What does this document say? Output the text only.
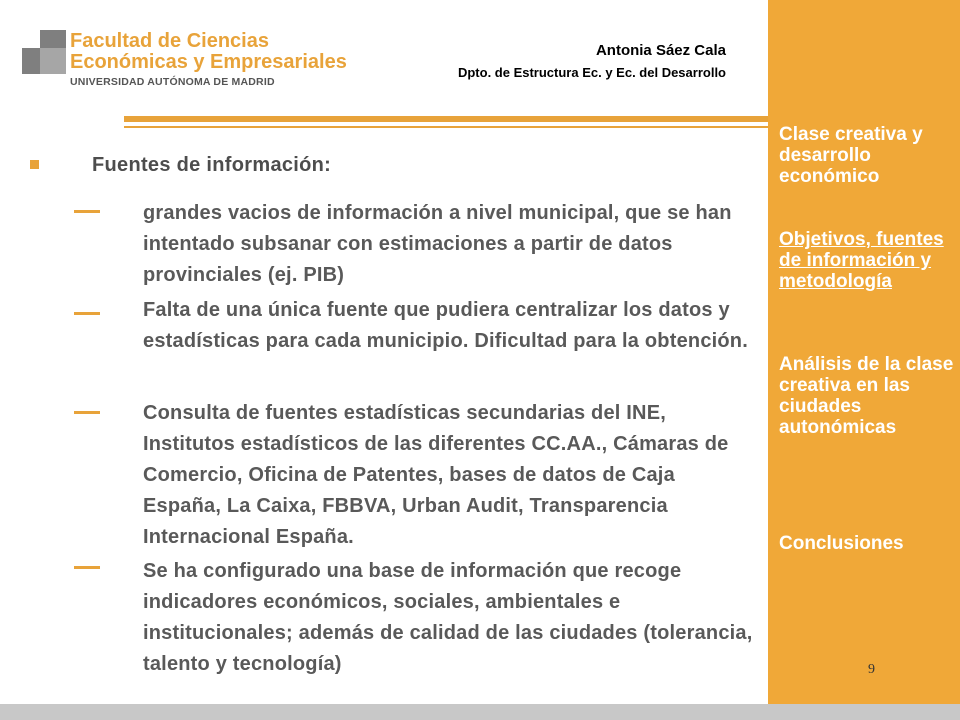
Facultad de Ciencias
Económicas y Empresariales
UNIVERSIDAD AUTÓNOMA DE MADRID
Antonia Sáez Cala
Dpto. de Estructura Ec. y Ec. del Desarrollo
Fuentes de información:
grandes vacios de información a nivel municipal, que se han intentado subsanar con estimaciones a partir de datos provinciales (ej. PIB)
Falta de una única fuente que pudiera centralizar los datos y estadísticas para cada municipio. Dificultad para la obtención.
Consulta de fuentes estadísticas secundarias del INE, Institutos estadísticos de las diferentes CC.AA., Cámaras de Comercio, Oficina de Patentes, bases de datos de Caja España, La Caixa, FBBVA, Urban Audit, Transparencia Internacional España.
Se ha configurado una base de información que recoge indicadores económicos, sociales, ambientales e institucionales; además de calidad de las ciudades (tolerancia, talento y tecnología)
Clase creativa y desarrollo económico
Objetivos, fuentes de información y metodología
Análisis de la clase creativa en las ciudades autonómicas
Conclusiones
9
